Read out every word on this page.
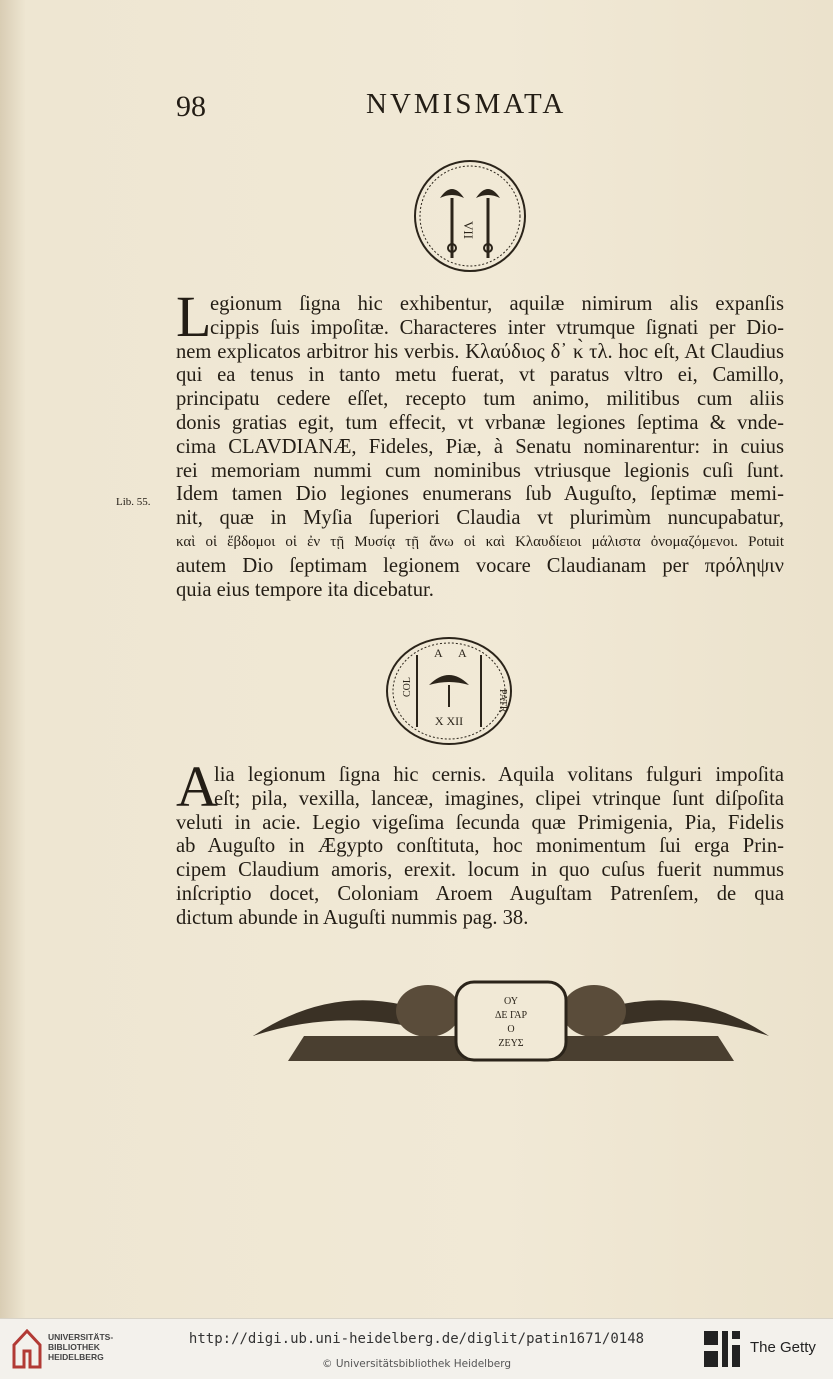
98	NVMISMATA
VII
L
egionum ſigna hic exhibentur, aquilæ nimirum alis expanſis
cippis ſuis impoſitæ. Characteres inter vtrumque ſignati per Dio-
nem explicatos arbitror his verbis. Κλαύδιος δ᾽ κ̀ τλ. hoc eſt, At Claudius
qui ea tenus in tanto metu fuerat, vt paratus vltro ei, Camillo,
principatu cedere eſſet, recepto tum animo, militibus cum aliis
donis gratias egit, tum effecit, vt vrbanæ legiones ſeptima & vnde-
cima CLAVDIANÆ, Fideles, Piæ, à Senatu nominarentur: in cuius
rei memoriam nummi cum nominibus vtriusque legionis cuſi ſunt.
Idem tamen Dio legiones enumerans ſub Auguſto, ſeptimæ memi-
nit, quæ in Myſia ſuperiori Claudia vt plurimùm nuncupabatur,
καὶ οἱ ἕβδομοι οἱ ἐν τῇ Μυσίᾳ τῇ ἄνω οἱ καὶ Κλαυδίειοι μάλιστα ὀνομαζόμενοι. Potuit
autem Dio ſeptimam legionem vocare Claudianam per πρόληψιν
quia eius tempore ita dicebatur.
Lib. 55.
A A
COL
PATR
X XII
A
lia legionum ſigna hic cernis. Aquila volitans fulguri impoſita
eſt; pila, vexilla, lanceæ, imagines, clipei vtrinque ſunt diſpoſita
veluti in acie. Legio vigeſima ſecunda quæ Primigenia, Pia, Fidelis
ab Auguſto in Ægypto conſtituta, hoc monimentum ſui erga Prin-
cipem Claudium amoris, erexit. locum in quo cuſus fuerit nummus
inſcriptio docet, Coloniam Aroem Auguſtam Patrenſem, de qua
dictum abunde in Auguſti nummis pag. 38.
ΟΥ
ΔΕ ΓΑΡ
Ο
ΖΕΥΣ
UNIVERSITÄTS-
BIBLIOTHEK
HEIDELBERG
http://digi.ub.uni-heidelberg.de/diglit/patin1671/0148
© Universitätsbibliothek Heidelberg
The Getty
